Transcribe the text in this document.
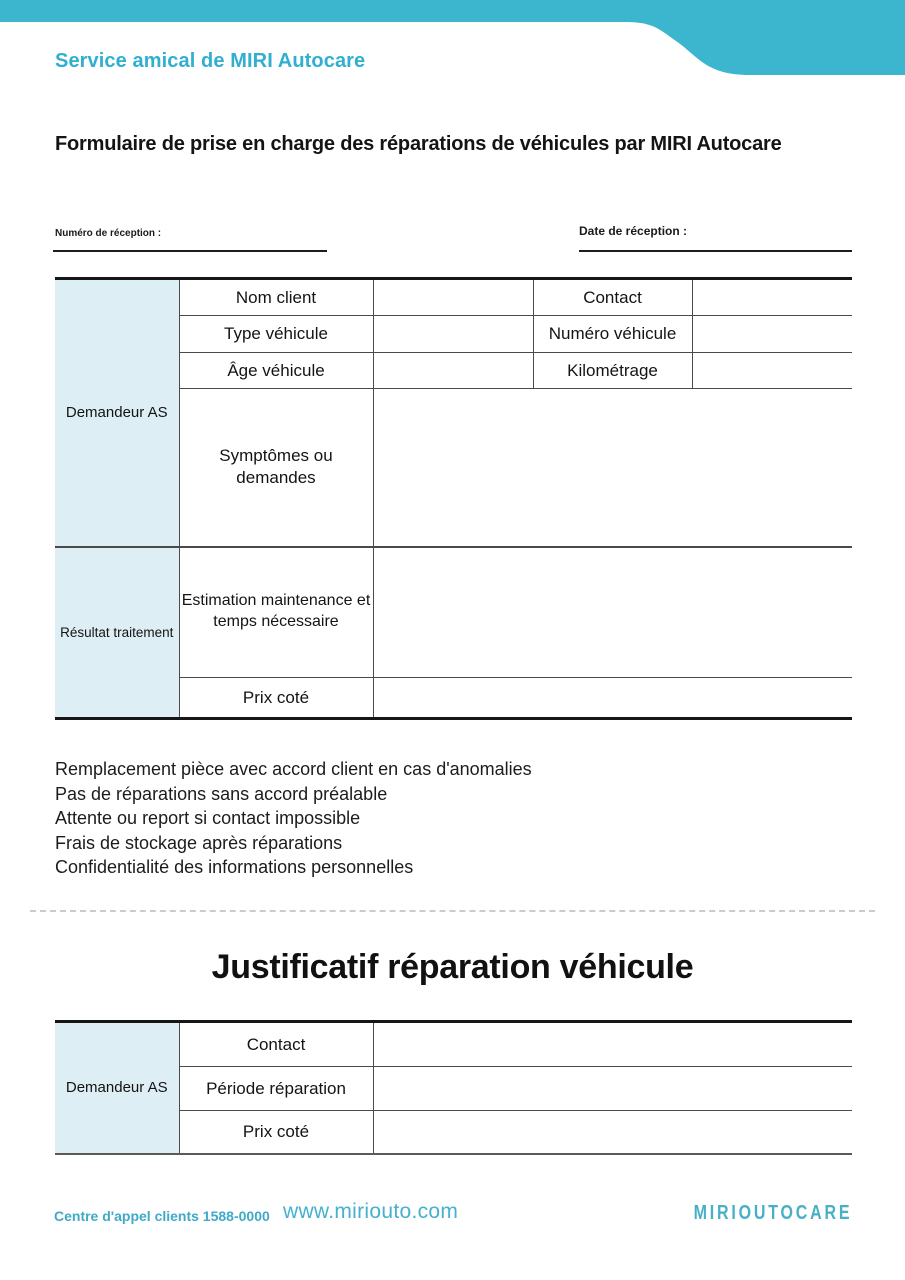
Service amical de MIRI Autocare
Formulaire de prise en charge des réparations de véhicules par MIRI Autocare
Numéro de réception :	Date de réception :
Demandeur AS	Nom client		Contact	
	Type véhicule		Numéro véhicule	
	Âge véhicule		Kilométrage	
	Symptômes ou demandes			
Résultat traitement	Estimation maintenance et temps nécessaire			
	Prix coté			
Remplacement pièce avec accord client en cas d'anomalies
Pas de réparations sans accord préalable
Attente ou report si contact impossible
Frais de stockage après réparations
Confidentialité des informations personnelles
Justificatif réparation véhicule
Demandeur AS	Contact	
	Période réparation	
	Prix coté	
Centre d'appel clients 1588-0000 www.miriouto.com	MIRIOUTOCARE
